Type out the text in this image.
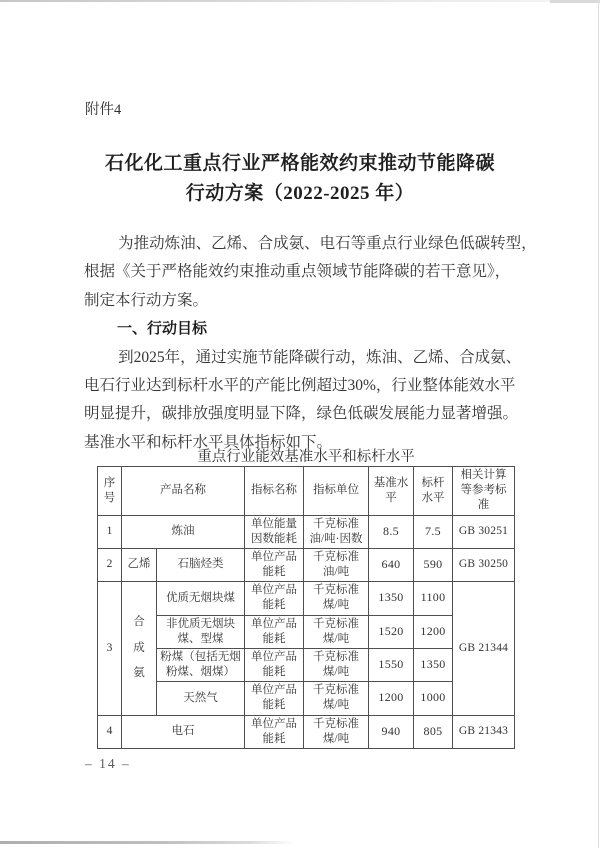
附件4
石化化工重点行业严格能效约束推动节能降碳
行动方案（2022-2025 年）
为推动炼油、乙烯、合成氨、电石等重点行业绿色低碳转型，
根据《关于严格能效约束推动重点领域节能降碳的若干意见》，
制定本行动方案。
一、行动目标
到2025年，通过实施节能降碳行动，炼油、乙烯、合成氨、
电石行业达到标杆水平的产能比例超过30%，行业整体能效水平
明显提升，碳排放强度明显下降，绿色低碳发展能力显著增强。
基准水平和标杆水平具体指标如下。
重点行业能效基准水平和标杆水平
序号	产品名称		指标名称	指标单位	基准水平	标杆水平	相关计算等参考标准
1	炼油		单位能量因数能耗	千克标准油/吨·因数	8.5	7.5	GB 30251
2	乙烯	石脑烃类	单位产品能耗	千克标准油/吨	640	590	GB 30250
3	合成氨	优质无烟块煤	单位产品能耗	千克标准煤/吨	1350	1100	GB 21344
		非优质无烟块煤、型煤	单位产品能耗	千克标准煤/吨	1520	1200	
		粉煤（包括无烟粉煤、烟煤）	单位产品能耗	千克标准煤/吨	1550	1350	
		天然气	单位产品能耗	千克标准煤/吨	1200	1000	
4	电石		单位产品能耗	千克标准煤/吨	940	805	GB 21343
– 14 –
